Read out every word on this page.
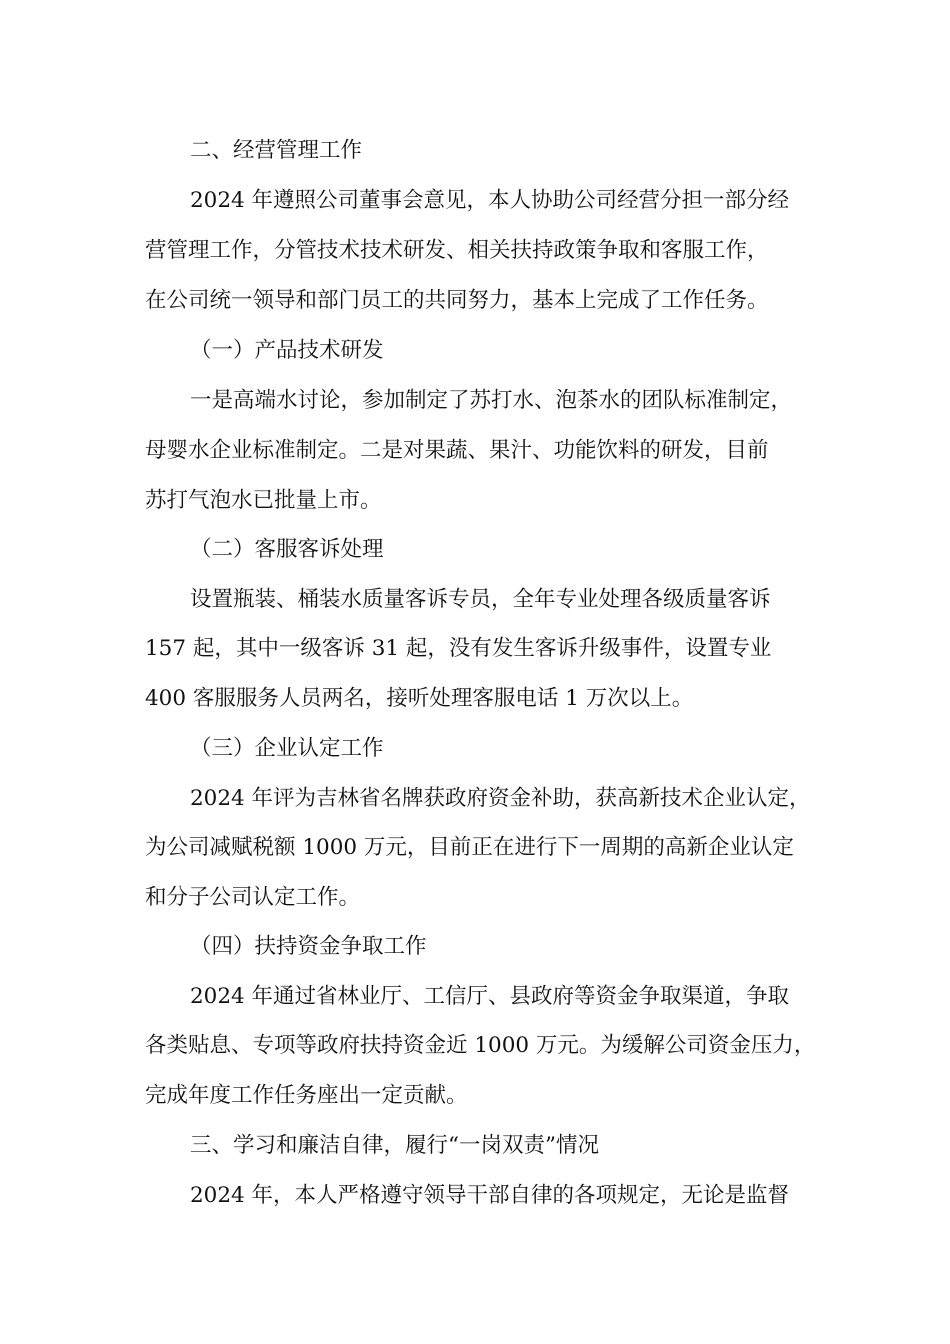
二、经营管理工作
2024 年遵照公司董事会意见，本人协助公司经营分担一部分经
营管理工作，分管技术技术研发、相关扶持政策争取和客服工作，
在公司统一领导和部门员工的共同努力，基本上完成了工作任务。
（一）产品技术研发
一是高端水讨论，参加制定了苏打水、泡茶水的团队标准制定，
母婴水企业标准制定。二是对果蔬、果汁、功能饮料的研发，目前
苏打气泡水已批量上市。
（二）客服客诉处理
设置瓶装、桶装水质量客诉专员，全年专业处理各级质量客诉
157 起，其中一级客诉 31 起，没有发生客诉升级事件，设置专业
400 客服服务人员两名，接听处理客服电话 1 万次以上。
（三）企业认定工作
2024 年评为吉林省名牌获政府资金补助，获高新技术企业认定，
为公司减赋税额 1000 万元，目前正在进行下一周期的高新企业认定
和分子公司认定工作。
（四）扶持资金争取工作
2024 年通过省林业厅、工信厅、县政府等资金争取渠道，争取
各类贴息、专项等政府扶持资金近 1000 万元。为缓解公司资金压力，
完成年度工作任务座出一定贡献。
三、学习和廉洁自律，履行“一岗双责”情况
2024 年，本人严格遵守领导干部自律的各项规定，无论是监督
